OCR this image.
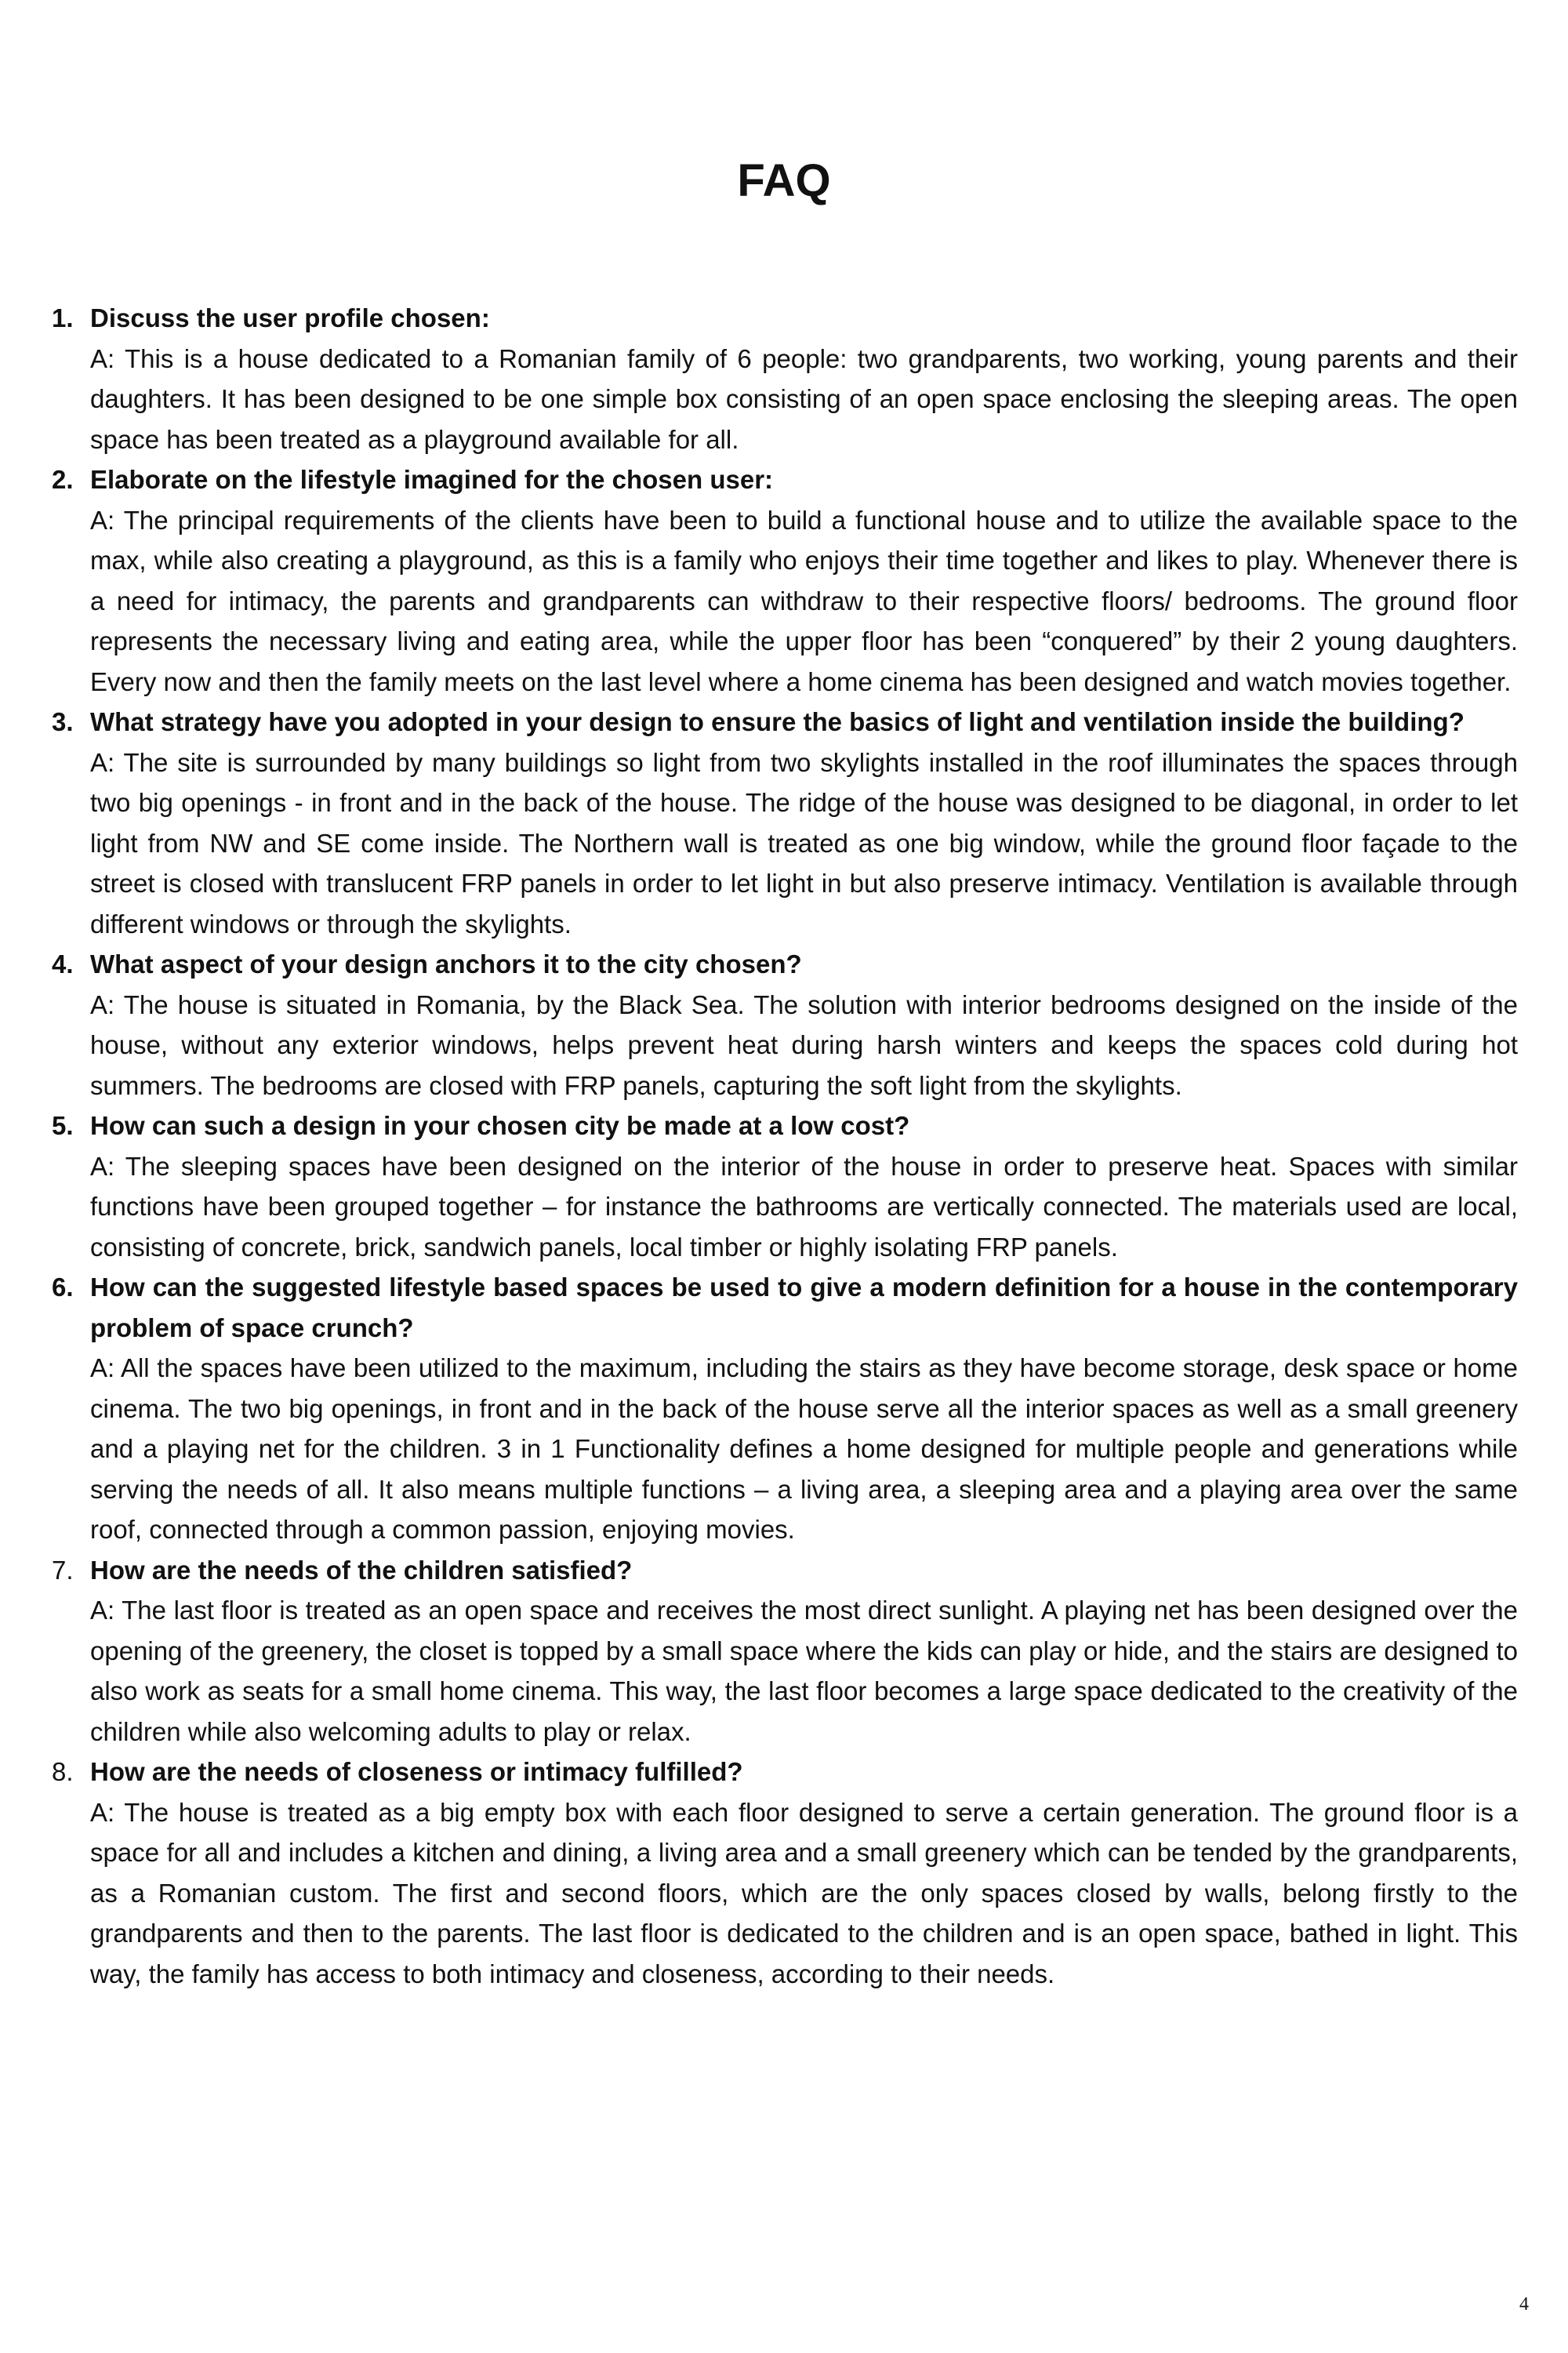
FAQ
1. Discuss the user profile chosen:
A: This is a house dedicated to a Romanian family of 6 people: two grandparents, two working, young parents and their daughters. It has been designed to be one simple box consisting of an open space enclosing the sleeping areas. The open space has been treated as a playground available for all.
2. Elaborate on the lifestyle imagined for the chosen user:
A: The principal requirements of the clients have been to build a functional house and to utilize the available space to the max, while also creating a playground, as this is a family who enjoys their time together and likes to play. Whenever there is a need for intimacy, the parents and grandparents can withdraw to their respective floors/ bedrooms. The ground floor represents the necessary living and eating area, while the upper floor has been “conquered” by their 2 young daughters. Every now and then the family meets on the last level where a home cinema has been designed and watch movies together.
3. What strategy have you adopted in your design to ensure the basics of light and ventilation inside the building?
A: The site is surrounded by many buildings so light from two skylights installed in the roof illuminates the spaces through two big openings - in front and in the back of the house. The ridge of the house was designed to be diagonal, in order to let light from NW and SE come inside. The Northern wall is treated as one big window, while the ground floor façade to the street is closed with translucent FRP panels in order to let light in but also preserve intimacy. Ventilation is available through different windows or through the skylights.
4. What aspect of your design anchors it to the city chosen?
A: The house is situated in Romania, by the Black Sea. The solution with interior bedrooms designed on the inside of the house, without any exterior windows, helps prevent heat during harsh winters and keeps the spaces cold during hot summers. The bedrooms are closed with FRP panels, capturing the soft light from the skylights.
5. How can such a design in your chosen city be made at a low cost?
A: The sleeping spaces have been designed on the interior of the house in order to preserve heat. Spaces with similar functions have been grouped together – for instance the bathrooms are vertically connected. The materials used are local, consisting of concrete, brick, sandwich panels, local timber or highly isolating FRP panels.
6. How can the suggested lifestyle based spaces be used to give a modern definition for a house in the contemporary problem of space crunch?
A: All the spaces have been utilized to the maximum, including the stairs as they have become storage, desk space or home cinema. The two big openings, in front and in the back of the house serve all the interior spaces as well as a small greenery and a playing net for the children. 3 in 1 Functionality defines a home designed for multiple people and generations while serving the needs of all. It also means multiple functions – a living area, a sleeping area and a playing area over the same roof, connected through a common passion, enjoying movies.
7. How are the needs of the children satisfied?
A: The last floor is treated as an open space and receives the most direct sunlight. A playing net has been designed over the opening of the greenery, the closet is topped by a small space where the kids can play or hide, and the stairs are designed to also work as seats for a small home cinema. This way, the last floor becomes a large space dedicated to the creativity of the children while also welcoming adults to play or relax.
8. How are the needs of closeness or intimacy fulfilled?
A: The house is treated as a big empty box with each floor designed to serve a certain generation. The ground floor is a space for all and includes a kitchen and dining, a living area and a small greenery which can be tended by the grandparents, as a Romanian custom. The first and second floors, which are the only spaces closed by walls, belong firstly to the grandparents and then to the parents. The last floor is dedicated to the children and is an open space, bathed in light. This way, the family has access to both intimacy and closeness, according to their needs.
4
